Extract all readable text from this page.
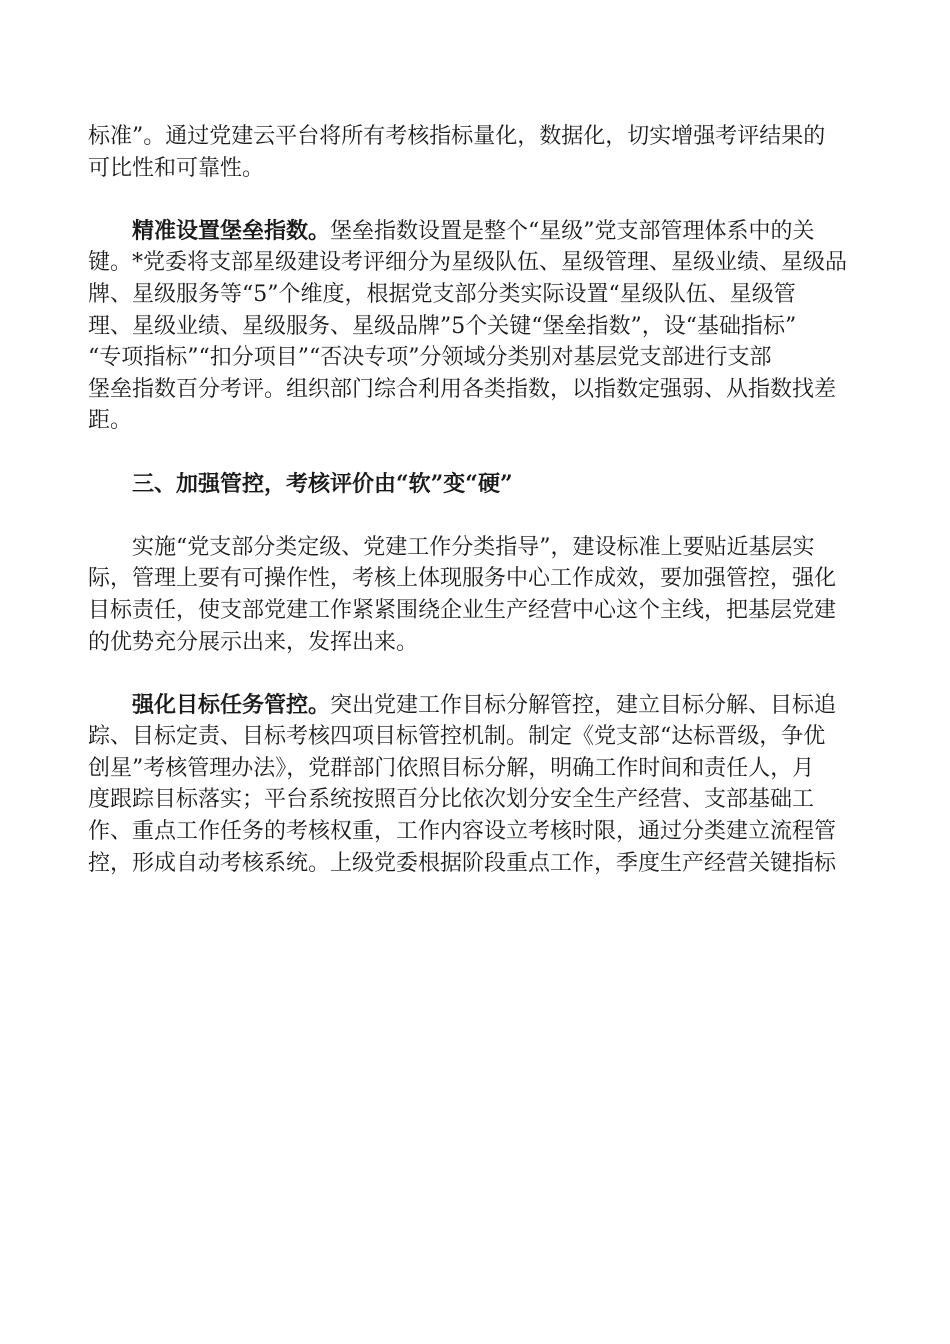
标准”。通过党建云平台将所有考核指标量化，数据化，切实增强考评结果的
可比性和可靠性。
精准设置堡垒指数。堡垒指数设置是整个“星级”党支部管理体系中的关
键。*党委将支部星级建设考评细分为星级队伍、星级管理、星级业绩、星级品
牌、星级服务等“5”个维度，根据党支部分类实际设置“星级队伍、星级管
理、星级业绩、星级服务、星级品牌”5个关键“堡垒指数”，设“基础指标”
“专项指标”“扣分项目”“否决专项”分领域分类别对基层党支部进行支部
堡垒指数百分考评。组织部门综合利用各类指数，以指数定强弱、从指数找差
距。
三、加强管控，考核评价由“软”变“硬”
实施“党支部分类定级、党建工作分类指导”，建设标准上要贴近基层实
际，管理上要有可操作性，考核上体现服务中心工作成效，要加强管控，强化
目标责任，使支部党建工作紧紧围绕企业生产经营中心这个主线，把基层党建
的优势充分展示出来，发挥出来。
强化目标任务管控。突出党建工作目标分解管控，建立目标分解、目标追
踪、目标定责、目标考核四项目标管控机制。制定《党支部“达标晋级，争优
创星”考核管理办法》，党群部门依照目标分解，明确工作时间和责任人，月
度跟踪目标落实；平台系统按照百分比依次划分安全生产经营、支部基础工
作、重点工作任务的考核权重，工作内容设立考核时限，通过分类建立流程管
控，形成自动考核系统。上级党委根据阶段重点工作，季度生产经营关键指标
